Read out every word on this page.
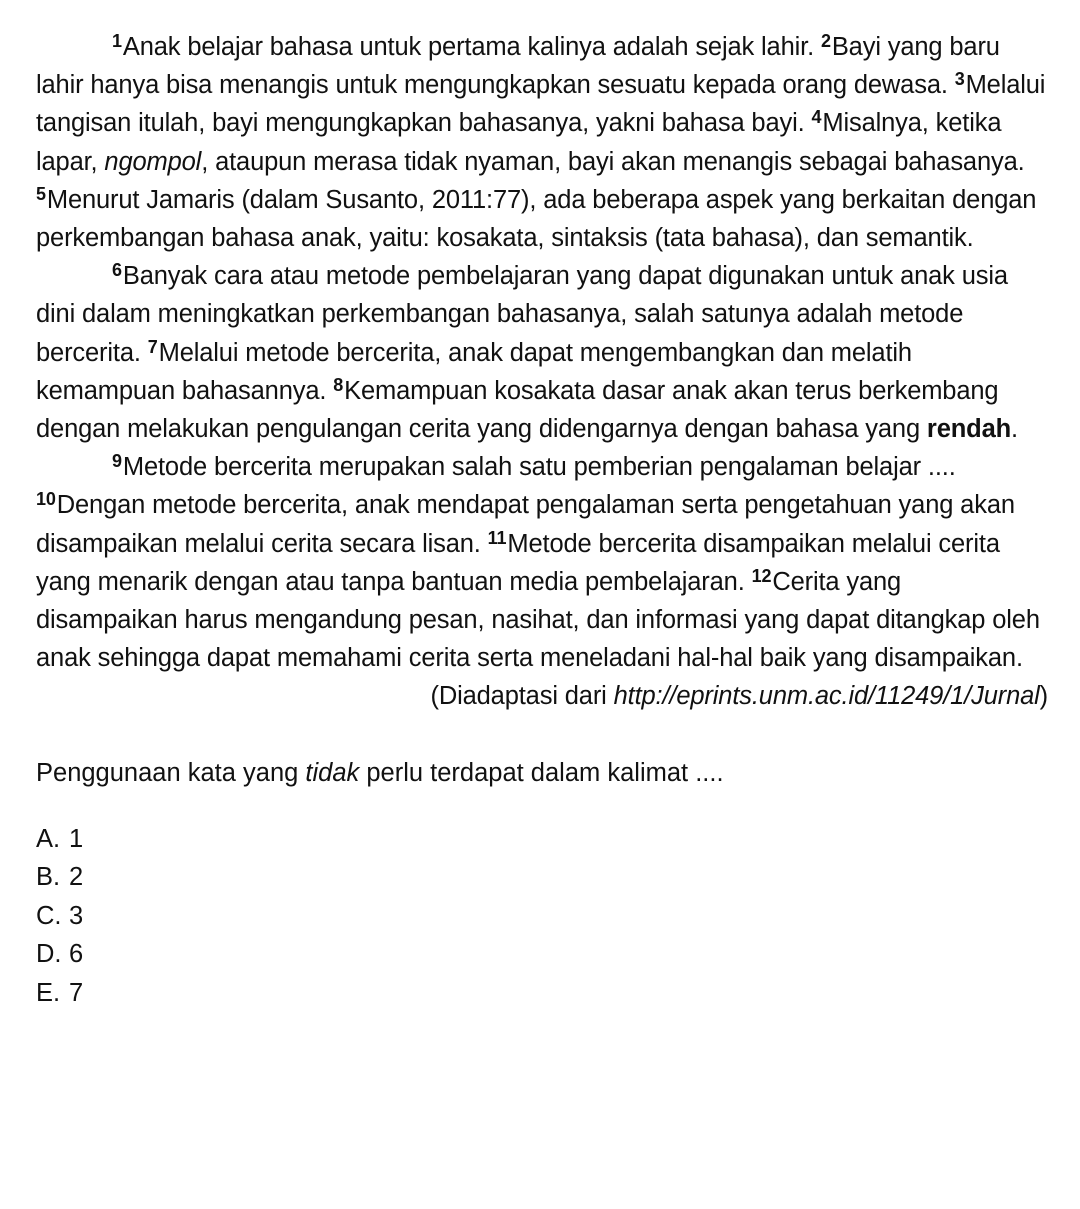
$^1$Anak belajar bahasa untuk pertama kalinya adalah sejak lahir. $^2$Bayi yang baru lahir hanya bisa menangis untuk mengungkapkan sesuatu kepada orang dewasa. $^3$Melalui tangisan itulah, bayi mengungkapkan bahasanya, yakni bahasa bayi. $^4$Misalnya, ketika lapar, ngompol, ataupun merasa tidak nyaman, bayi akan menangis sebagai bahasanya. $^5$Menurut Jamaris (dalam Susanto, 2011:77), ada beberapa aspek yang berkaitan dengan perkembangan bahasa anak, yaitu: kosakata, sintaksis (tata bahasa), dan semantik.

$^6$Banyak cara atau metode pembelajaran yang dapat digunakan untuk anak usia dini dalam meningkatkan perkembangan bahasanya, salah satunya adalah metode bercerita. $^7$Melalui metode bercerita, anak dapat mengembangkan dan melatih kemampuan bahasannya. $^8$Kemampuan kosakata dasar anak akan terus berkembang dengan melakukan pengulangan cerita yang didengarnya dengan bahasa yang rendah.

$^9$Metode bercerita merupakan salah satu pemberian pengalaman belajar .... $^{10}$Dengan metode bercerita, anak mendapat pengalaman serta pengetahuan yang akan disampaikan melalui cerita secara lisan. $^{11}$Metode bercerita disampaikan melalui cerita yang menarik dengan atau tanpa bantuan media pembelajaran. $^{12}$Cerita yang disampaikan harus mengandung pesan, nasihat, dan informasi yang dapat ditangkap oleh anak sehingga dapat memahami cerita serta meneladani hal-hal baik yang disampaikan.

(Diadaptasi dari http://eprints.unm.ac.id/11249/1/Jurnal)

Penggunaan kata yang tidak perlu terdapat dalam kalimat ....

A. 1
B. 2
C. 3
D. 6
E. 7
